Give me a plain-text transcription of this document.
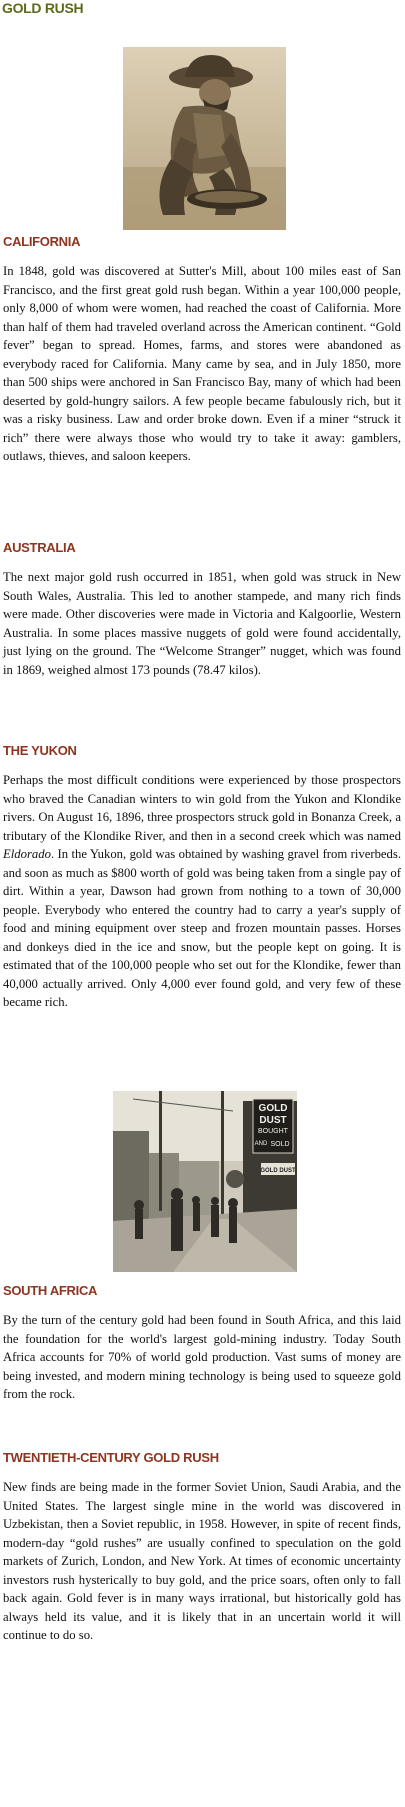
GOLD RUSH
CALIFORNIA

In 1848, gold was discovered at Sutter's Mill, about 100 miles east of San Francisco, and the first great gold rush began. Within a year 100,000 people, only 8,000 of whom were women, had reached the coast of California. More than half of them had traveled overland across the American continent. “Gold fever” began to spread. Homes, farms, and stores were abandoned as everybody raced for California. Many came by sea, and in July 1850, more than 500 ships were anchored in San Francisco Bay, many of which had been deserted by gold-hungry sailors. A few people became fabulously rich, but it was a risky business. Law and order broke down. Even if a miner “struck it rich” there were always those who would try to take it away: gamblers, outlaws, thieves, and saloon keepers.

AUSTRALIA

The next major gold rush occurred in 1851, when gold was struck in New South Wales, Australia. This led to another stampede, and many rich finds were made. Other discoveries were made in Victoria and Kalgoorlie, Western Australia. In some places massive nuggets of gold were found accidentally, just lying on the ground. The “Welcome Stranger” nugget, which was found in 1869, weighed almost 173 pounds (78.47 kilos).

THE YUKON

Perhaps the most difficult conditions were experienced by those prospectors who braved the Canadian winters to win gold from the Yukon and Klondike rivers. On August 16, 1896, three prospectors struck gold in Bonanza Creek, a tributary of the Klondike River, and then in a second creek which was named Eldorado. In the Yukon, gold was obtained by washing gravel from riverbeds. and soon as much as $800 worth of gold was being taken from a single pay of dirt. Within a year, Dawson had grown from nothing to a town of 30,000 people. Everybody who entered the country had to carry a year's supply of food and mining equipment over steep and frozen mountain passes. Horses and donkeys died in the ice and snow, but the people kept on going. It is estimated that of the 100,000 people who set out for the Klondike, fewer than 40,000 actually arrived. Only 4,000 ever found gold, and very few of these became rich.

GOLD
DUST
BOUGHT
AND SOLD
GOLD DUST
SOUTH AFRICA

By the turn of the century gold had been found in South Africa, and this laid the foundation for the world's largest gold-mining industry. Today South Africa accounts for 70% of world gold production. Vast sums of money are being invested, and modern mining technology is being used to squeeze gold from the rock.

TWENTIETH-CENTURY GOLD RUSH

New finds are being made in the former Soviet Union, Saudi Arabia, and the United States. The largest single mine in the world was discovered in Uzbekistan, then a Soviet republic, in 1958. However, in spite of recent finds, modern-day “gold rushes” are usually confined to speculation on the gold markets of Zurich, London, and New York. At times of economic uncertainty investors rush hysterically to buy gold, and the price soars, often only to fall back again. Gold fever is in many ways irrational, but historically gold has always held its value, and it is likely that in an uncertain world it will continue to do so.
